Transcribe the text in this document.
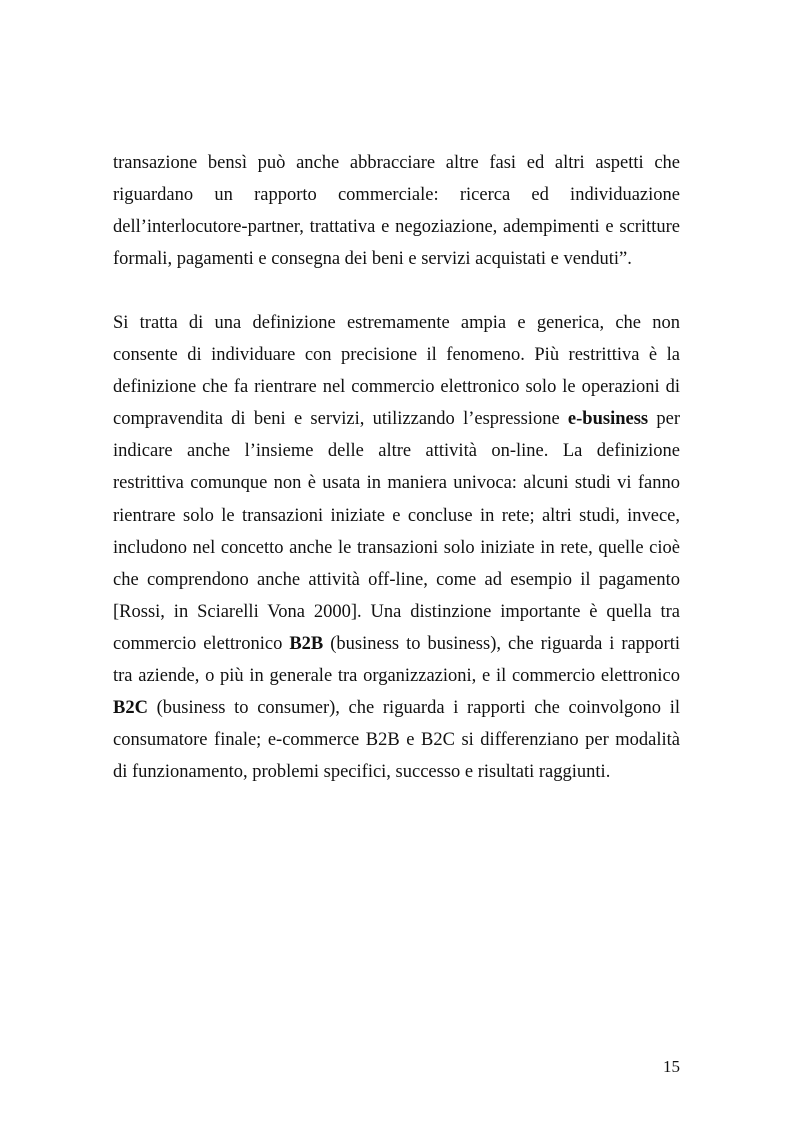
transazione bensì può anche abbracciare altre fasi ed altri aspetti che
riguardano un rapporto commerciale: ricerca ed individuazione
dell’interlocutore-partner, trattativa e negoziazione, adempimenti e scritture
formali, pagamenti e consegna dei beni e servizi acquistati e venduti”.
Si tratta di una definizione estremamente ampia e generica, che non
consente di individuare con precisione il fenomeno. Più restrittiva è la
definizione che fa rientrare nel commercio elettronico solo le operazioni di
compravendita di beni e servizi, utilizzando l’espressione e-business per
indicare anche l’insieme delle altre attività on-line. La definizione
restrittiva comunque non è usata in maniera univoca: alcuni studi vi fanno
rientrare solo le transazioni iniziate e concluse in rete; altri studi, invece,
includono nel concetto anche le transazioni solo iniziate in rete, quelle cioè
che comprendono anche attività off-line, come ad esempio il pagamento
[Rossi, in Sciarelli Vona 2000]. Una distinzione importante è quella tra
commercio elettronico B2B (business to business), che riguarda i rapporti
tra aziende, o più in generale tra organizzazioni, e il commercio elettronico
B2C (business to consumer), che riguarda i rapporti che coinvolgono il
consumatore finale; e-commerce B2B e B2C si differenziano per modalità
di funzionamento, problemi specifici, successo e risultati raggiunti.
15
